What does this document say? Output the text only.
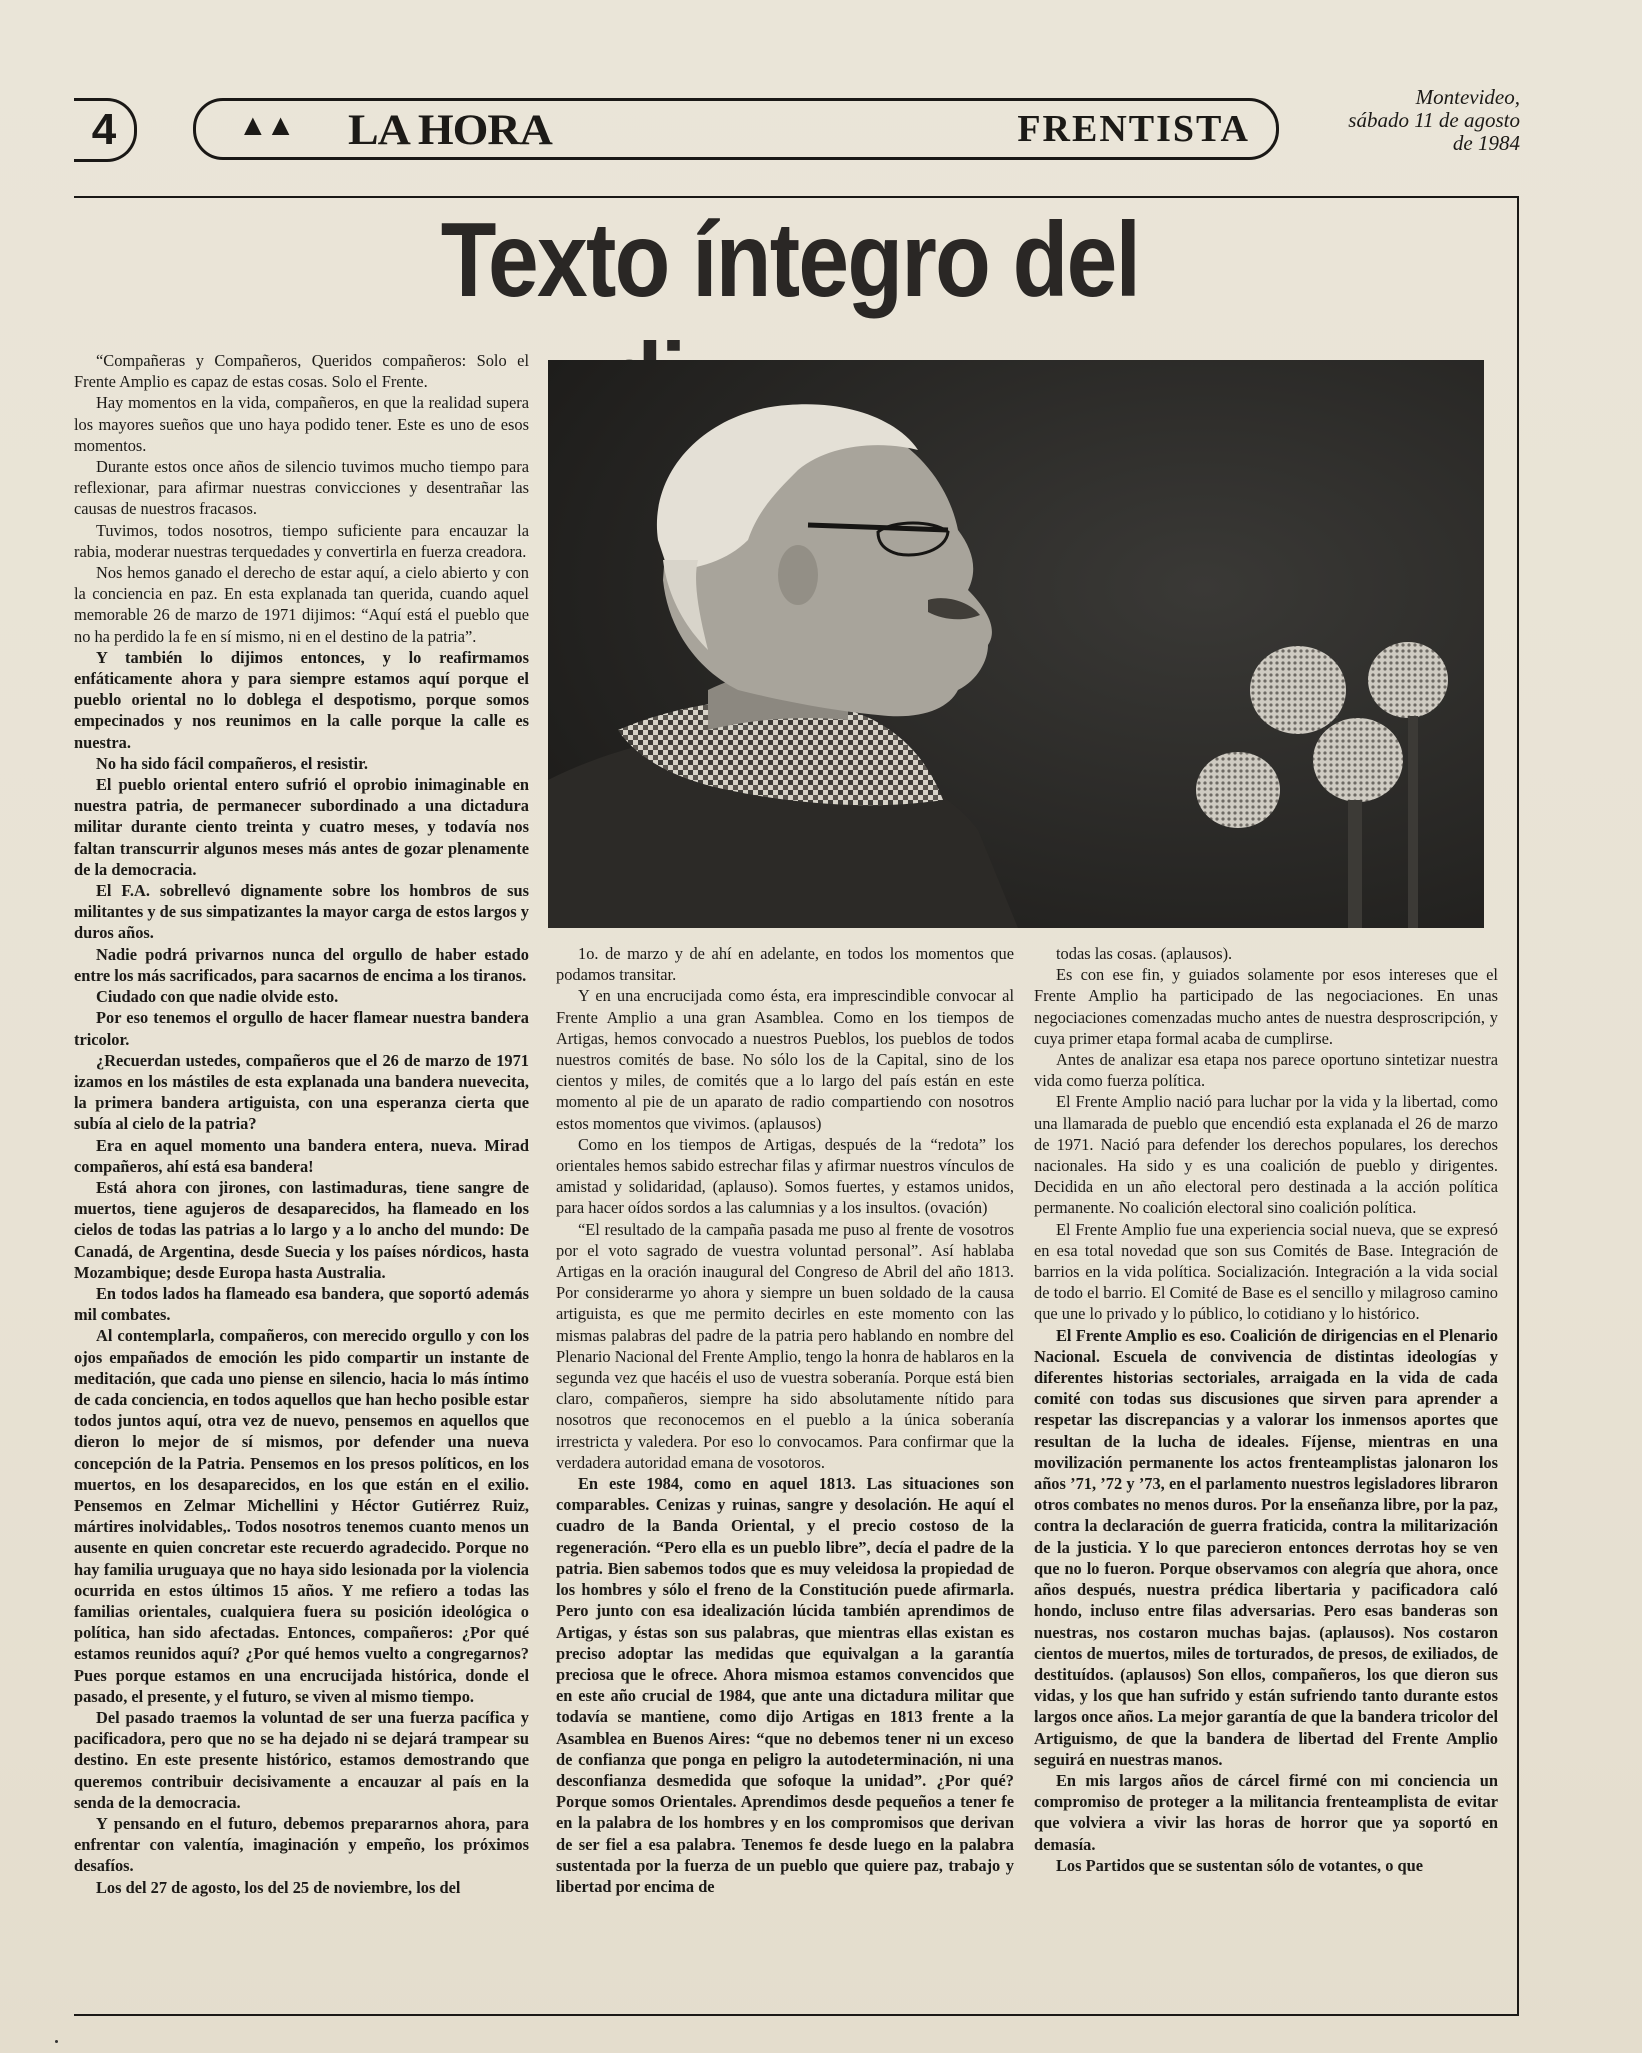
4	▲▲ LA HORA	FRENTISTA
Montevideo,
sábado 11 de agosto
de 1984
Texto íntegro del

“Compañeras y Compañeros, Queridos compañeros: Solo el Frente Amplio es capaz de estas cosas. Solo el Frente.

Hay momentos en la vida, compañeros, en que la realidad supera los mayores sueños que uno haya podido tener. Este es uno de esos momentos.

Durante estos once años de silencio tuvimos mucho tiempo para reflexionar, para afirmar nuestras convicciones y desentrañar las causas de nuestros fracasos.

Tuvimos, todos nosotros, tiempo suficiente para encauzar la rabia, moderar nuestras terquedades y convertirla en fuerza creadora.

Nos hemos ganado el derecho de estar aquí, a cielo abierto y con la conciencia en paz. En esta explanada tan querida, cuando aquel memorable 26 de marzo de 1971 dijimos: “Aquí está el pueblo que no ha perdido la fe en sí mismo, ni en el destino de la patria”.

Y también lo dijimos entonces, y lo reafirmamos enfáticamente ahora y para siempre estamos aquí porque el pueblo oriental no lo doblega el despotismo, porque somos empecinados y nos reunimos en la calle porque la calle es nuestra.

No ha sido fácil compañeros, el resistir.

El pueblo oriental entero sufrió el oprobio inimaginable en nuestra patria, de permanecer subordinado a una dictadura militar durante ciento treinta y cuatro meses, y todavía nos faltan transcurrir algunos meses más antes de gozar plenamente de la democracia.

El F.A. sobrellevó dignamente sobre los hombros de sus militantes y de sus simpatizantes la mayor carga de estos largos y duros años.

Nadie podrá privarnos nunca del orgullo de haber estado entre los más sacrificados, para sacarnos de encima a los tiranos.

Ciudado con que nadie olvide esto.

Por eso tenemos el orgullo de hacer flamear nuestra bandera tricolor.

¿Recuerdan ustedes, compañeros que el 26 de marzo de 1971 izamos en los mástiles de esta explanada una bandera nuevecita, la primera bandera artiguista, con una esperanza cierta que subía al cielo de la patria?

Era en aquel momento una bandera entera, nueva. Mirad compañeros, ahí está esa bandera!

Está ahora con jirones, con lastimaduras, tiene sangre de muertos, tiene agujeros de desaparecidos, ha flameado en los cielos de todas las patrias a lo largo y a lo ancho del mundo: De Canadá, de Argentina, desde Suecia y los países nórdicos, hasta Mozambique; desde Europa hasta Australia.

En todos lados ha flameado esa bandera, que soportó además mil combates.

Al contemplarla, compañeros, con merecido orgullo y con los ojos empañados de emoción les pido compartir un instante de meditación, que cada uno piense en silencio, hacia lo más íntimo de cada conciencia, en todos aquellos que han hecho posible estar todos juntos aquí, otra vez de nuevo, pensemos en aquellos que dieron lo mejor de sí mismos, por defender una nueva concepción de la Patria. Pensemos en los presos políticos, en los muertos, en los desaparecidos, en los que están en el exilio. Pensemos en Zelmar Michellini y Héctor Gutiérrez Ruiz, mártires inolvidables,. Todos nosotros tenemos cuanto menos un ausente en quien concretar este recuerdo agradecido. Porque no hay familia uruguaya que no haya sido lesionada por la violencia ocurrida en estos últimos 15 años. Y me refiero a todas las familias orientales, cualquiera fuera su posición ideológica o política, han sido afectadas. Entonces, compañeros: ¿Por qué estamos reunidos aquí? ¿Por qué hemos vuelto a congregarnos? Pues porque estamos en una encrucijada histórica, donde el pasado, el presente, y el futuro, se viven al mismo tiempo.

Del pasado traemos la voluntad de ser una fuerza pacífica y pacificadora, pero que no se ha dejado ni se dejará trampear su destino. En este presente histórico, estamos demostrando que queremos contribuir decisivamente a encauzar al país en la senda de la democracia.

Y pensando en el futuro, debemos prepararnos ahora, para enfrentar con valentía, imaginación y empeño, los próximos desafíos.

Los del 27 de agosto, los del 25 de noviembre, los del

1o. de marzo y de ahí en adelante, en todos los momentos que podamos transitar.

Y en una encrucijada como ésta, era imprescindible convocar al Frente Amplio a una gran Asamblea. Como en los tiempos de Artigas, hemos convocado a nuestros Pueblos, los pueblos de todos nuestros comités de base. No sólo los de la Capital, sino de los cientos y miles, de comités que a lo largo del país están en este momento al pie de un aparato de radio compartiendo con nosotros estos momentos que vivimos. (aplausos)

Como en los tiempos de Artigas, después de la “redota” los orientales hemos sabido estrechar filas y afirmar nuestros vínculos de amistad y solidaridad, (aplauso). Somos fuertes, y estamos unidos, para hacer oídos sordos a las calumnias y a los insultos. (ovación)

“El resultado de la campaña pasada me puso al frente de vosotros por el voto sagrado de vuestra voluntad personal”. Así hablaba Artigas en la oración inaugural del Congreso de Abril del año 1813. Por considerarme yo ahora y siempre un buen soldado de la causa artiguista, es que me permito decirles en este momento con las mismas palabras del padre de la patria pero hablando en nombre del Plenario Nacional del Frente Amplio, tengo la honra de hablaros en la segunda vez que hacéis el uso de vuestra soberanía. Porque está bien claro, compañeros, siempre ha sido absolutamente nítido para nosotros que reconocemos en el pueblo a la única soberanía irrestricta y valedera. Por eso lo convocamos. Para confirmar que la verdadera autoridad emana de vosotoros.

En este 1984, como en aquel 1813. Las situaciones son comparables. Cenizas y ruinas, sangre y desolación. He aquí el cuadro de la Banda Oriental, y el precio costoso de la regeneración. “Pero ella es un pueblo libre”, decía el padre de la patria. Bien sabemos todos que es muy veleidosa la propiedad de los hombres y sólo el freno de la Constitución puede afirmarla. Pero junto con esa idealización lúcida también aprendimos de Artigas, y éstas son sus palabras, que mientras ellas existan es preciso adoptar las medidas que equivalgan a la garantía preciosa que le ofrece. Ahora mismoa estamos convencidos que en este año crucial de 1984, que ante una dictadura militar que todavía se mantiene, como dijo Artigas en 1813 frente a la Asamblea en Buenos Aires: “que no debemos tener ni un exceso de confianza que ponga en peligro la autodeterminación, ni una desconfianza desmedida que sofoque la unidad”. ¿Por qué? Porque somos Orientales. Aprendimos desde pequeños a tener fe en la palabra de los hombres y en los compromisos que derivan de ser fiel a esa palabra. Tenemos fe desde luego en la palabra sustentada por la fuerza de un pueblo que quiere paz, trabajo y libertad por encima de

todas las cosas. (aplausos).

Es con ese fin, y guiados solamente por esos intereses que el Frente Amplio ha participado de las negociaciones. En unas negociaciones comenzadas mucho antes de nuestra desproscripción, y cuya primer etapa formal acaba de cumplirse.

Antes de analizar esa etapa nos parece oportuno sintetizar nuestra vida como fuerza política.

El Frente Amplio nació para luchar por la vida y la libertad, como una llamarada de pueblo que encendió esta explanada el 26 de marzo de 1971. Nació para defender los derechos populares, los derechos nacionales. Ha sido y es una coalición de pueblo y dirigentes. Decidida en un año electoral pero destinada a la acción política permanente. No coalición electoral sino coalición política.

El Frente Amplio fue una experiencia social nueva, que se expresó en esa total novedad que son sus Comités de Base. Integración de barrios en la vida política. Socialización. Integración a la vida social de todo el barrio. El Comité de Base es el sencillo y milagroso camino que une lo privado y lo público, lo cotidiano y lo histórico.

El Frente Amplio es eso. Coalición de dirigencias en el Plenario Nacional. Escuela de convivencia de distintas ideologías y diferentes historias sectoriales, arraigada en la vida de cada comité con todas sus discusiones que sirven para aprender a respetar las discrepancias y a valorar los inmensos aportes que resultan de la lucha de ideales. Fíjense, mientras en una movilización permanente los actos frenteamplistas jalonaron los años ’71, ’72 y ’73, en el parlamento nuestros legisladores libraron otros combates no menos duros. Por la enseñanza libre, por la paz, contra la declaración de guerra fraticida, contra la militarización de la justicia. Y lo que parecieron entonces derrotas hoy se ven que no lo fueron. Porque observamos con alegría que ahora, once años después, nuestra prédica libertaria y pacificadora caló hondo, incluso entre filas adversarias. Pero esas banderas son nuestras, nos costaron muchas bajas. (aplausos). Nos costaron cientos de muertos, miles de torturados, de presos, de exiliados, de destituídos. (aplausos) Son ellos, compañeros, los que dieron sus vidas, y los que han sufrido y están sufriendo tanto durante estos largos once años. La mejor garantía de que la bandera tricolor del Artiguismo, de que la bandera de libertad del Frente Amplio seguirá en nuestras manos.

En mis largos años de cárcel firmé con mi conciencia un compromiso de proteger a la militancia frenteamplista de evitar que volviera a vivir las horas de horror que ya soportó en demasía.

Los Partidos que se sustentan sólo de votantes, o que
